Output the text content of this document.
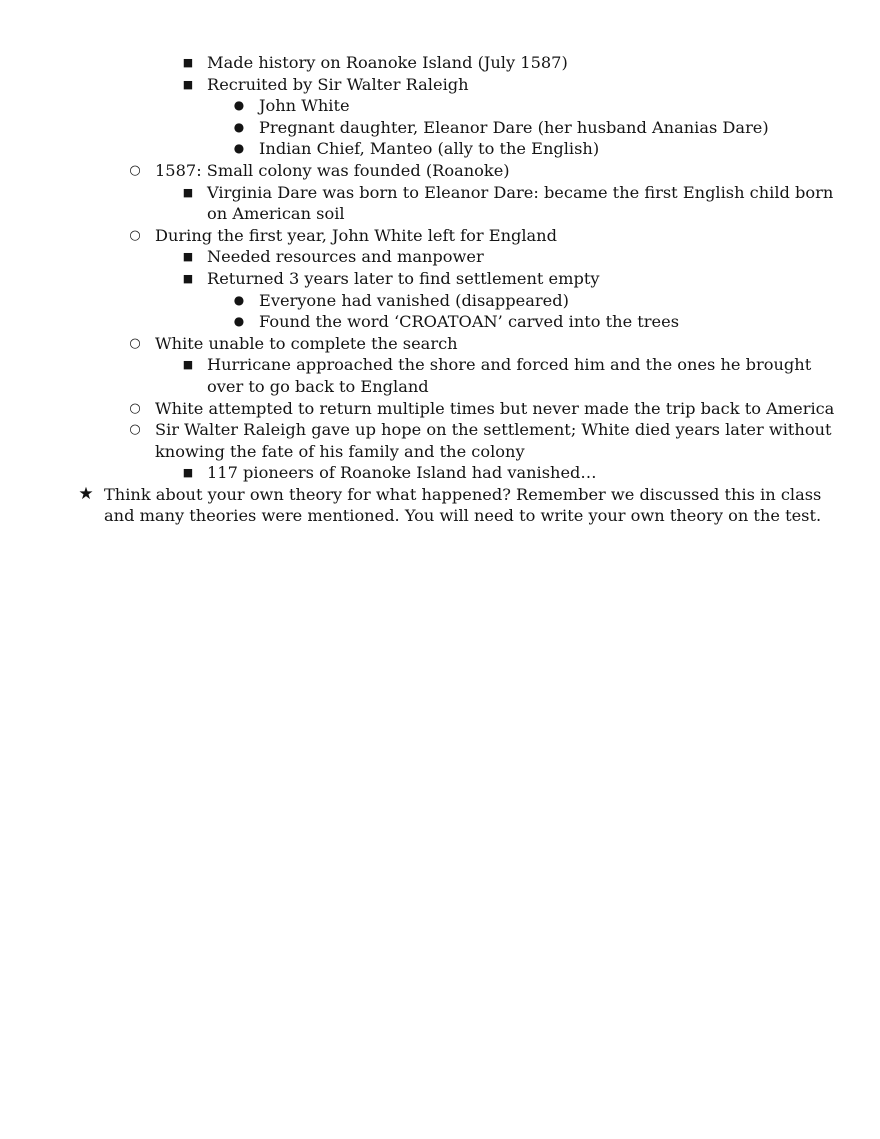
■ Made history on Roanoke Island (July 1587)
■ Recruited by Sir Walter Raleigh
● John White
● Pregnant daughter, Eleanor Dare (her husband Ananias Dare)
● Indian Chief, Manteo (ally to the English)
○ 1587: Small colony was founded (Roanoke)
■ Virginia Dare was born to Eleanor Dare: became the first English child born on American soil
○ During the first year, John White left for England
■ Needed resources and manpower
■ Returned 3 years later to find settlement empty
● Everyone had vanished (disappeared)
● Found the word ‘CROATOAN’ carved into the trees
○ White unable to complete the search
■ Hurricane approached the shore and forced him and the ones he brought over to go back to England
○ White attempted to return multiple times but never made the trip back to America
○ Sir Walter Raleigh gave up hope on the settlement; White died years later without knowing the fate of his family and the colony
■ 117 pioneers of Roanoke Island had vanished…
★ Think about your own theory for what happened? Remember we discussed this in class and many theories were mentioned. You will need to write your own theory on the test.
